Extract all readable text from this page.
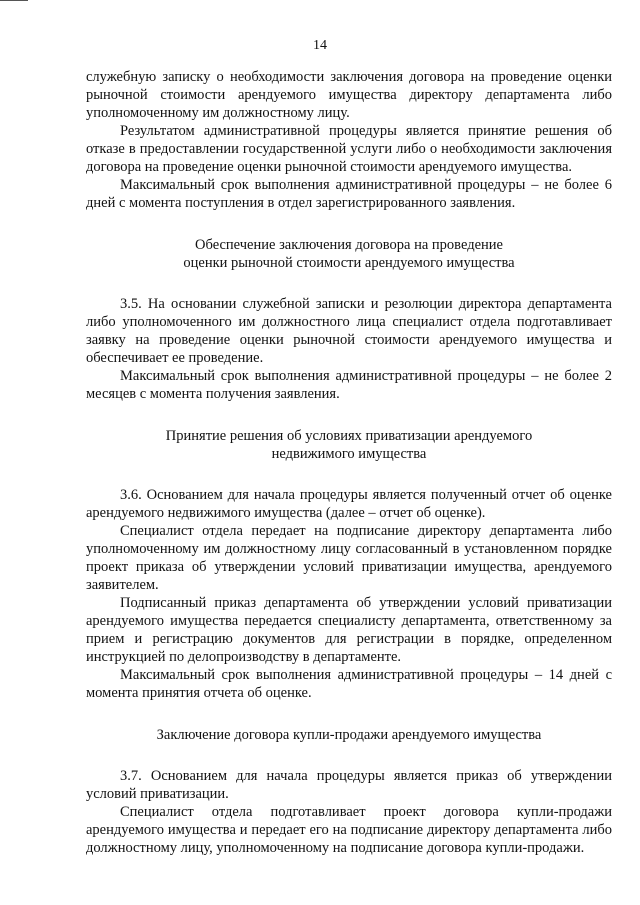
14

служебную записку о необходимости заключения договора на проведение оценки рыночной стоимости арендуемого имущества директору департамента либо уполномоченному им должностному лицу.

Результатом административной процедуры является принятие решения об отказе в предоставлении государственной услуги либо о необходимости заключения договора на проведение оценки рыночной стоимости арендуемого имущества.

Максимальный срок выполнения административной процедуры – не более 6 дней с момента поступления в отдел зарегистрированного заявления.

Обеспечение заключения договора на проведение
оценки рыночной стоимости арендуемого имущества

3.5. На основании служебной записки и резолюции директора департамента либо уполномоченного им должностного лица специалист отдела подготавливает заявку на проведение оценки рыночной стоимости арендуемого имущества и обеспечивает ее проведение.

Максимальный срок выполнения административной процедуры – не более 2 месяцев с момента получения заявления.

Принятие решения об условиях приватизации арендуемого
недвижимого имущества

3.6. Основанием для начала процедуры является полученный отчет об оценке арендуемого недвижимого имущества (далее – отчет об оценке).

Специалист отдела передает на подписание директору департамента либо уполномоченному им должностному лицу согласованный в установленном порядке проект приказа об утверждении условий приватизации имущества, арендуемого заявителем.

Подписанный приказ департамента об утверждении условий приватизации арендуемого имущества передается специалисту департамента, ответственному за прием и регистрацию документов для регистрации в порядке, определенном инструкцией по делопроизводству в департаменте.

Максимальный срок выполнения административной процедуры – 14 дней с момента принятия отчета об оценке.

Заключение договора купли-продажи арендуемого имущества

3.7. Основанием для начала процедуры является приказ об утверждении условий приватизации.

Специалист отдела подготавливает проект договора купли-продажи арендуемого имущества и передает его на подписание директору департамента либо должностному лицу, уполномоченному на подписание договора купли-продажи.
